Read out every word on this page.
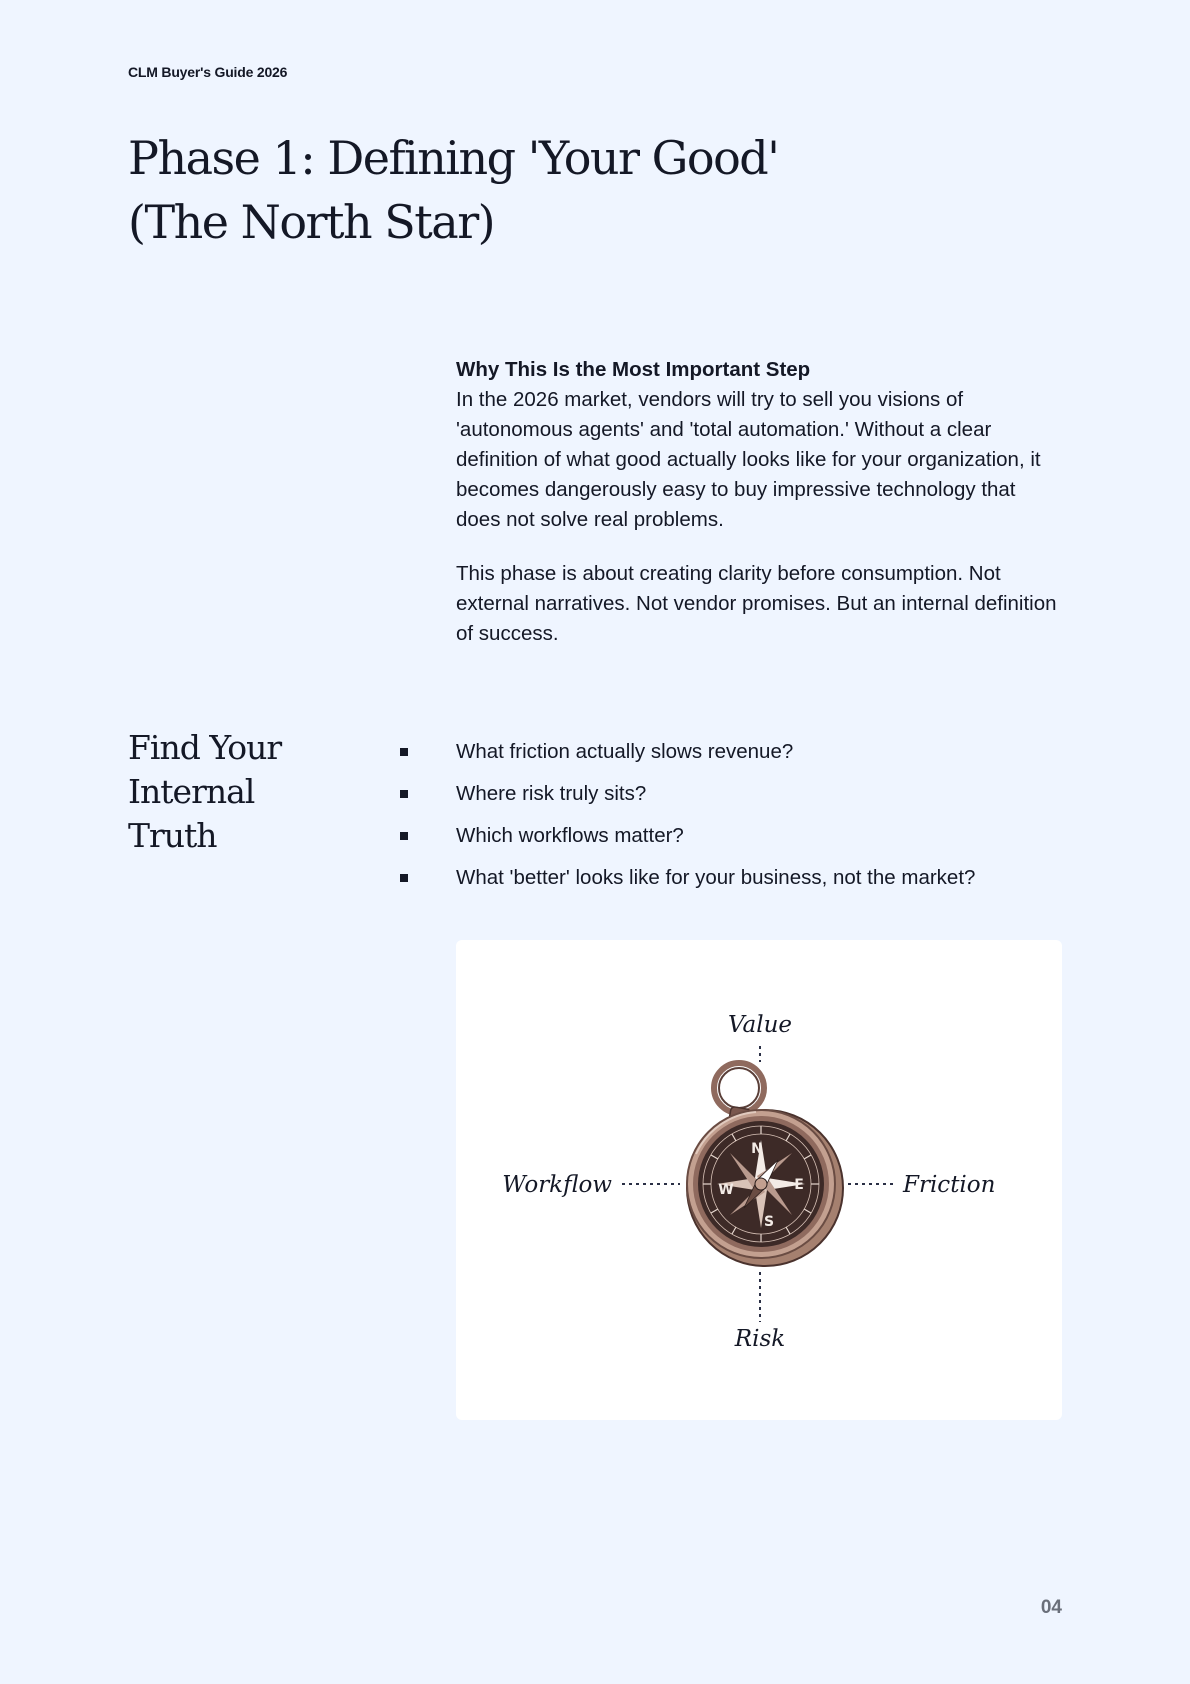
CLM Buyer's Guide 2026
Phase 1: Defining 'Your Good'
(The North Star)
Why This Is the Most Important Step

In the 2026 market, vendors will try to sell you visions of 'autonomous agents' and 'total automation.' Without a clear definition of what good actually looks like for your organization, it becomes dangerously easy to buy impressive technology that does not solve real problems.

This phase is about creating clarity before consumption. Not external narratives. Not vendor promises. But an internal definition of success.

Find Your
Internal
Truth
What friction actually slows revenue?
Where risk truly sits?
Which workflows matter?
What 'better' looks like for your business, not the market?
Value
Workflow	Friction
Risk
N
E
S
W
04
